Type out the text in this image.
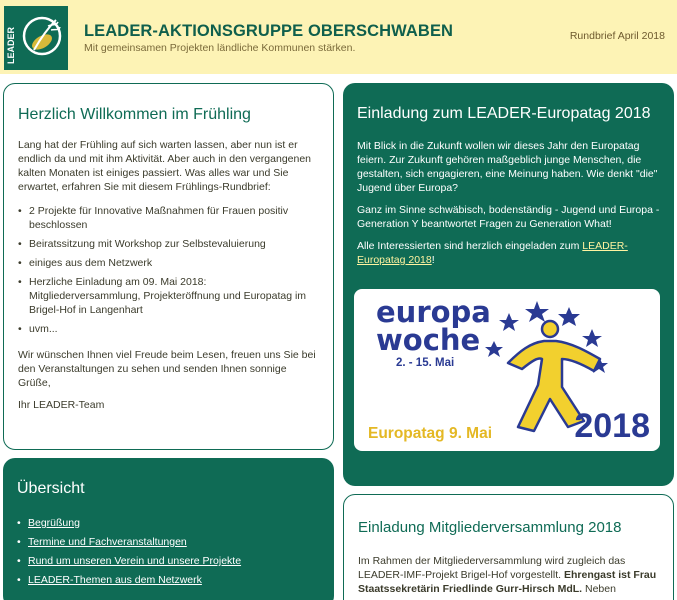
LEADER	LEADER-AKTIONSGRUPPE OBERSCHWABEN
Mit gemeinsamen Projekten ländliche Kommunen stärken.
Rundbrief April 2018
Herzlich Willkommen im Frühling

Lang hat der Frühling auf sich warten lassen, aber nun ist er endlich da und mit ihm Aktivität. Aber auch in den vergangenen kalten Monaten ist einiges passiert. Was alles war und Sie erwartet, erfahren Sie mit diesem Frühlings-Rundbrief:

• 2 Projekte für Innovative Maßnahmen für Frauen positiv beschlossen
• Beiratssitzung mit Workshop zur Selbstevaluierung
• einiges aus dem Netzwerk
• Herzliche Einladung am 09. Mai 2018: Mitgliederversammlung, Projekteröffnung und Europatag im Brigel-Hof in Langenhart
• uvm...

Wir wünschen Ihnen viel Freude beim Lesen, freuen uns Sie bei den Veranstaltungen zu sehen und senden Ihnen sonnige Grüße,

Ihr LEADER-Team

Einladung zum LEADER-Europatag 2018

Mit Blick in die Zukunft wollen wir dieses Jahr den Europatag feiern. Zur Zukunft gehören maßgeblich junge Menschen, die gestalten, sich engagieren, eine Meinung haben. Wie denkt "die" Jugend über Europa?

Ganz im Sinne schwäbisch, bodenständig - Jugend und Europa - Generation Y beantwortet Fragen zu Generation What!

Alle Interessierten sind herzlich eingeladen zum LEADER-Europatag 2018!

europa
woche
2. - 15. Mai
Europatag 9. Mai 2018
Übersicht
• Begrüßung
• Termine und Fachveranstaltungen
• Rund um unseren Verein und unsere Projekte
• LEADER-Themen aus dem Netzwerk
Einladung Mitgliederversammlung 2018

Im Rahmen der Mitgliederversammlung wird zugleich das LEADER-IMF-Projekt Brigel-Hof vorgestellt. Ehrengast ist Frau Staatssekretärin Friedlinde Gurr-Hirsch MdL. Neben
